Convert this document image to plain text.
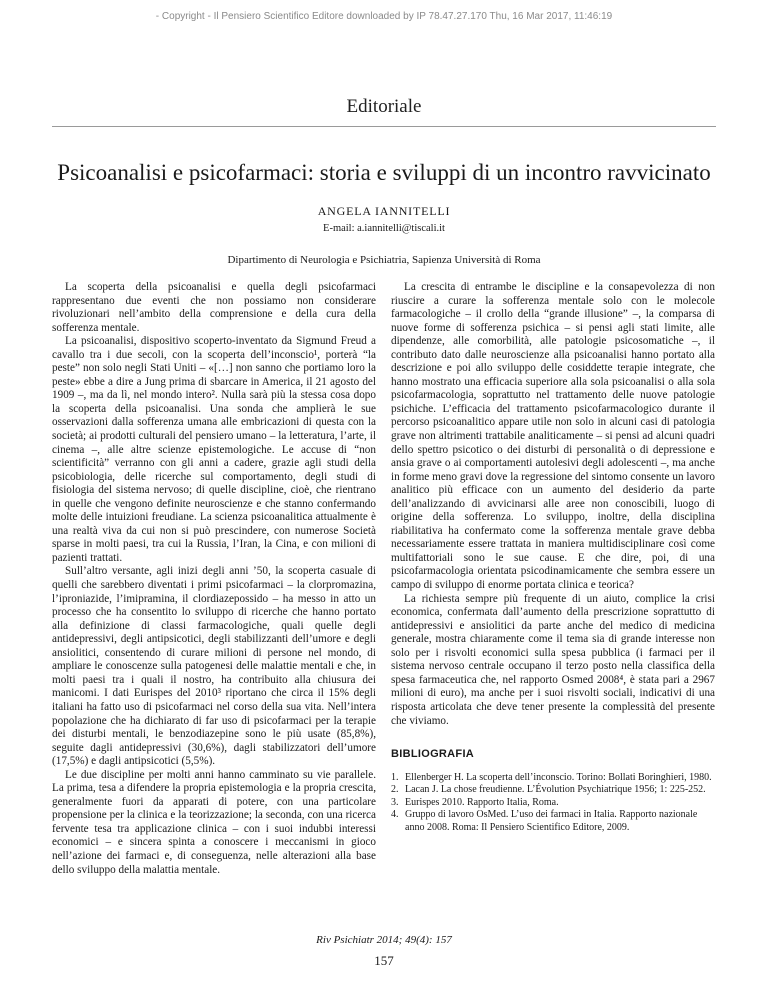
- Copyright - Il Pensiero Scientifico Editore downloaded by IP 78.47.27.170 Thu, 16 Mar 2017, 11:46:19
Editoriale
Psicoanalisi e psicofarmaci: storia e sviluppi di un incontro ravvicinato
ANGELA IANNITELLI
E-mail: a.iannitelli@tiscali.it
Dipartimento di Neurologia e Psichiatria, Sapienza Università di Roma

La scoperta della psicoanalisi e quella degli psicofarmaci rappresentano due eventi che non possiamo non considerare rivoluzionari nell’ambito della comprensione e della cura della sofferenza mentale.

La psicoanalisi, dispositivo scoperto-inventato da Sigmund Freud a cavallo tra i due secoli, con la scoperta dell’inconscio¹, porterà “la peste” non solo negli Stati Uniti – «[…] non sanno che portiamo loro la peste» ebbe a dire a Jung prima di sbarcare in America, il 21 agosto del 1909 –, ma da lì, nel mondo intero². Nulla sarà più la stessa cosa dopo la scoperta della psicoanalisi. Una sonda che amplierà le sue osservazioni dalla sofferenza umana alle embricazioni di questa con la società; ai prodotti culturali del pensiero umano – la letteratura, l’arte, il cinema –, alle altre scienze epistemologiche. Le accuse di “non scientificità” verranno con gli anni a cadere, grazie agli studi della psicobiologia, delle ricerche sul comportamento, degli studi di fisiologia del sistema nervoso; di quelle discipline, cioè, che rientrano in quelle che vengono definite neuroscienze e che stanno confermando molte delle intuizioni freudiane. La scienza psicoanalitica attualmente è una realtà viva da cui non si può prescindere, con numerose Società sparse in molti paesi, tra cui la Russia, l’Iran, la Cina, e con milioni di pazienti trattati.

Sull’altro versante, agli inizi degli anni ’50, la scoperta casuale di quelli che sarebbero diventati i primi psicofarmaci – la clorpromazina, l’iproniazide, l’imipramina, il clordiazepossido – ha messo in atto un processo che ha consentito lo sviluppo di ricerche che hanno portato alla definizione di classi farmacologiche, quali quelle degli antidepressivi, degli antipsicotici, degli stabilizzanti dell’umore e degli ansiolitici, consentendo di curare milioni di persone nel mondo, di ampliare le conoscenze sulla patogenesi delle malattie mentali e che, in molti paesi tra i quali il nostro, ha contribuito alla chiusura dei manicomi. I dati Eurispes del 2010³ riportano che circa il 15% degli italiani ha fatto uso di psicofarmaci nel corso della sua vita. Nell’intera popolazione che ha dichiarato di far uso di psicofarmaci per la terapie dei disturbi mentali, le benzodiazepine sono le più usate (85,8%), seguite dagli antidepressivi (30,6%), dagli stabilizzatori dell’umore (17,5%) e dagli antipsicotici (5,5%).

Le due discipline per molti anni hanno camminato su vie parallele. La prima, tesa a difendere la propria epistemologia e la propria crescita, generalmente fuori da apparati di potere, con una particolare propensione per la clinica e la teorizzazione; la seconda, con una ricerca fervente tesa tra applicazione clinica – con i suoi indubbi interessi economici – e sincera spinta a conoscere i meccanismi in gioco nell’azione dei farmaci e, di conseguenza, nelle alterazioni alla base dello sviluppo della malattia mentale.

La crescita di entrambe le discipline e la consapevolezza di non riuscire a curare la sofferenza mentale solo con le molecole farmacologiche – il crollo della “grande illusione” –, la comparsa di nuove forme di sofferenza psichica – si pensi agli stati limite, alle dipendenze, alle comorbilità, alle patologie psicosomatiche –, il contributo dato dalle neuroscienze alla psicoanalisi hanno portato alla descrizione e poi allo sviluppo delle cosiddette terapie integrate, che hanno mostrato una efficacia superiore alla sola psicoanalisi o alla sola psicofarmacologia, soprattutto nel trattamento delle nuove patologie psichiche. L’efficacia del trattamento psicofarmacologico durante il percorso psicoanalitico appare utile non solo in alcuni casi di patologia grave non altrimenti trattabile analiticamente – si pensi ad alcuni quadri dello spettro psicotico o dei disturbi di personalità o di depressione e ansia grave o ai comportamenti autolesivi degli adolescenti –, ma anche in forme meno gravi dove la regressione del sintomo consente un lavoro analitico più efficace con un aumento del desiderio da parte dell’analizzando di avvicinarsi alle aree non conoscibili, luogo di origine della sofferenza. Lo sviluppo, inoltre, della disciplina riabilitativa ha confermato come la sofferenza mentale grave debba necessariamente essere trattata in maniera multidisciplinare così come multifattoriali sono le sue cause. E che dire, poi, di una psicofarmacologia orientata psicodinamicamente che sembra essere un campo di sviluppo di enorme portata clinica e teorica?

La richiesta sempre più frequente di un aiuto, complice la crisi economica, confermata dall’aumento della prescrizione soprattutto di antidepressivi e ansiolitici da parte anche del medico di medicina generale, mostra chiaramente come il tema sia di grande interesse non solo per i risvolti economici sulla spesa pubblica (i farmaci per il sistema nervoso centrale occupano il terzo posto nella classifica della spesa farmaceutica che, nel rapporto Osmed 2008⁴, è stata pari a 2967 milioni di euro), ma anche per i suoi risvolti sociali, indicativi di una risposta articolata che deve tener presente la complessità del presente che viviamo.

BIBLIOGRAFIA
1. Ellenberger H. La scoperta dell’inconscio. Torino: Bollati Boringhieri, 1980.
2. Lacan J. La chose freudienne. L’Évolution Psychiatrique 1956; 1: 225-252.
3. Eurispes 2010. Rapporto Italia, Roma.
4. Gruppo di lavoro OsMed. L’uso dei farmaci in Italia. Rapporto nazionale anno 2008. Roma: Il Pensiero Scientifico Editore, 2009.
Riv Psichiatr 2014; 49(4): 157
157
